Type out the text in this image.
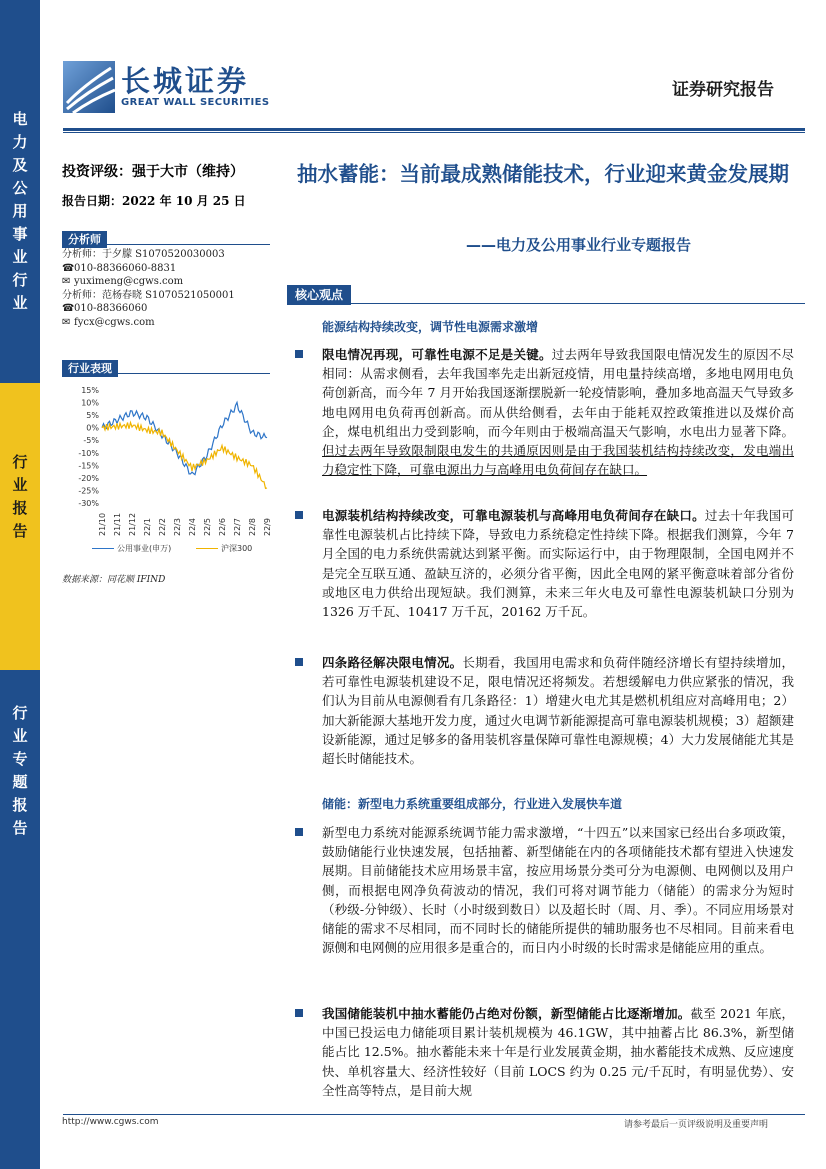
电
力
及
公
用
事
业
行
业
行
业
报
告
行
业
专
题
报
告
长城证券
GREAT WALL SECURITIES
证券研究报告
投资评级：强于大市（维持）
报告日期：2022 年 10 月 25 日
分析师
分析师：于夕朦 S1070520030003
☎010-88366060-8831
✉ yuximeng@cgws.com
分析师：范杨春晓 S1070521050001
☎010-88366060
✉ fycx@cgws.com
行业表现
15%
10%
5%
0%
-5%
-10%
-15%
-20%
-25%
-30%
21/10 21/11 21/12 22/1 22/2 22/3 22/4 22/5 22/6 22/7 22/8 22/9
公用事业(申万)	沪深300
数据来源：同花顺 IFIND
抽水蓄能：当前最成熟储能技术，行业迎来黄金发展期
——电力及公用事业行业专题报告
核心观点
能源结构持续改变，调节性电源需求激增
限电情况再现，可靠性电源不足是关键。过去两年导致我国限电情况发生的原因不尽相同：从需求侧看，去年我国率先走出新冠疫情，用电量持续高增，多地电网用电负荷创新高，而今年 7 月开始我国逐渐摆脱新一轮疫情影响，叠加多地高温天气导致多地电网用电负荷再创新高。而从供给侧看，去年由于能耗双控政策推进以及煤价高企，煤电机组出力受到影响，而今年则由于极端高温天气影响，水电出力显著下降。但过去两年导致限制限电发生的共通原因则是由于我国装机结构持续改变，发电端出力稳定性下降，可靠电源出力与高峰用电负荷间存在缺口。
电源装机结构持续改变，可靠电源装机与高峰用电负荷间存在缺口。过去十年我国可靠性电源装机占比持续下降，导致电力系统稳定性持续下降。根据我们测算，今年 7 月全国的电力系统供需就达到紧平衡。而实际运行中，由于物理限制，全国电网并不是完全互联互通、盈缺互济的，必须分省平衡，因此全电网的紧平衡意味着部分省份或地区电力供给出现短缺。我们测算，未来三年火电及可靠性电源装机缺口分别为 1326 万千瓦、10417 万千瓦，20162 万千瓦。
四条路径解决限电情况。长期看，我国用电需求和负荷伴随经济增长有望持续增加，若可靠性电源装机建设不足，限电情况还将频发。若想缓解电力供应紧张的情况，我们认为目前从电源侧看有几条路径：1）增建火电尤其是燃机机组应对高峰用电；2）加大新能源大基地开发力度，通过火电调节新能源提高可靠电源装机规模；3）超额建设新能源，通过足够多的备用装机容量保障可靠性电源规模；4）大力发展储能尤其是超长时储能技术。
储能：新型电力系统重要组成部分，行业进入发展快车道
新型电力系统对能源系统调节能力需求激增，“十四五”以来国家已经出台多项政策，鼓励储能行业快速发展，包括抽蓄、新型储能在内的各项储能技术都有望进入快速发展期。目前储能技术应用场景丰富，按应用场景分类可分为电源侧、电网侧以及用户侧，而根据电网净负荷波动的情况，我们可将对调节能力（储能）的需求分为短时（秒级-分钟级）、长时（小时级到数日）以及超长时（周、月、季）。不同应用场景对储能的需求不尽相同，而不同时长的储能所提供的辅助服务也不尽相同。目前来看电源侧和电网侧的应用很多是重合的，而日内小时级的长时需求是储能应用的重点。
我国储能装机中抽水蓄能仍占绝对份额，新型储能占比逐渐增加。截至 2021 年底，中国已投运电力储能项目累计装机规模为 46.1GW，其中抽蓄占比 86.3%，新型储能占比 12.5%。抽水蓄能未来十年是行业发展黄金期，抽水蓄能技术成熟、反应速度快、单机容量大、经济性较好（目前 LOCS 约为 0.25 元/千瓦时，有明显优势）、安全性高等特点，是目前大规
http://www.cgws.com	请参考最后一页评级说明及重要声明
